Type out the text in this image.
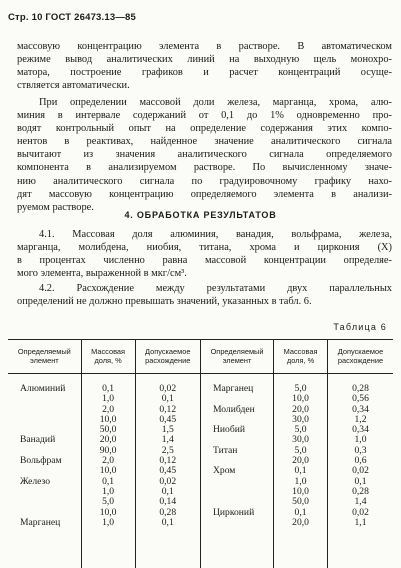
Стр. 10 ГОСТ 26473.13—85
массовую концентрацию элемента в растворе. В автоматическом
режиме вывод аналитических линий на выходную щель монохро-
матора, построение графиков и расчет концентраций осуще-
ствляется автоматически.
При определении массовой доли железа, марганца, хрома, алю-
миния в интервале содержаний от 0,1 до 1% одновременно про-
водят контрольный опыт на определение содержания этих компо-
нентов в реактивах, найденное значение аналитического сигнала
вычитают из значения аналитического сигнала определяемого
компонента в анализируемом растворе. По вычисленному значе-
нию аналитического сигнала по градуировочному графику нахо-
дят массовую концентрацию определяемого элемента в анализи-
руемом растворе.
4. ОБРАБОТКА РЕЗУЛЬТАТОВ
4.1. Массовая доля алюминия, ванадия, вольфрама, железа,
марганца, молибдена, ниобия, титана, хрома и циркония (X)
в процентах численно равна массовой концентрации определяе-
мого элемента, выраженной в мкг/см³.
4.2. Расхождение между результатами двух параллельных
определений не должно превышать значений, указанных в табл. 6.
Таблица 6
Определяемый элемент	Массовая доля, %	Допускаемое расхождение	Определяемый элемент	Массовая доля, %	Допускаемое расхождение

Алюминий	0,1	0,02	Марганец	5,0	0,28
	1,0	0,1		10,0	0,56
	2,0	0,12	Молибден	20,0	0,34
	10,0	0,45		30,0	1,2
	50,0	1,5	Ниобий	5,0	0,34
Ванадий	20,0	1,4		30,0	1,0
	90,0	2,5	Титан	5,0	0,3
Вольфрам	2,0	0,12		20,0	0,6
	10,0	0,45	Хром	0,1	0,02
Железо	0,1	0,02		1,0	0,1
	1,0	0,1		10,0	0,28
	5,0	0,14		50,0	1,4
	10,0	0,28	Цирконий	0,1	0,02
Марганец	1,0	0,1		20,0	1,1
